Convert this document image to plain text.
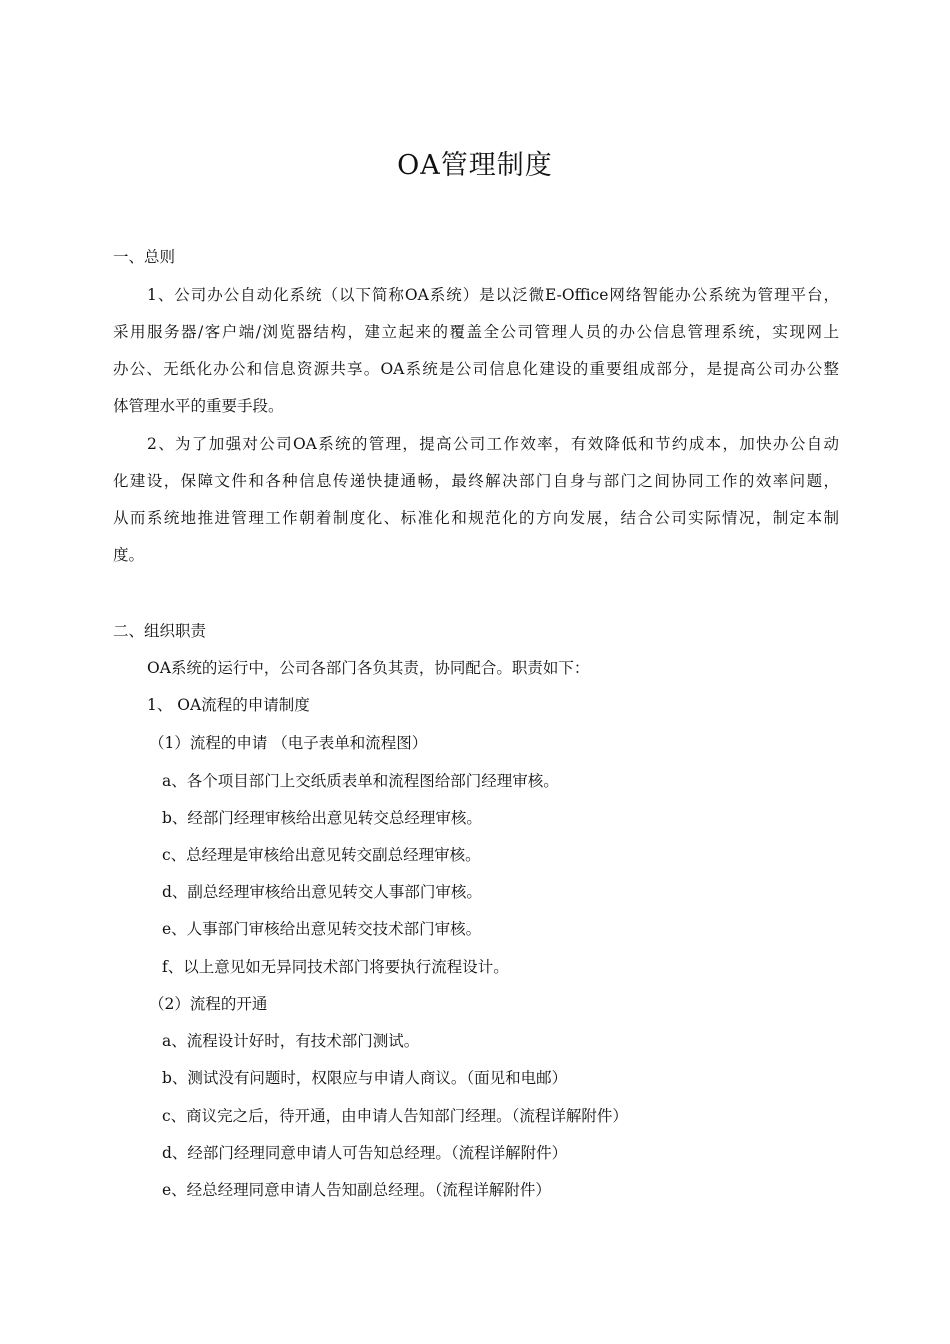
OA管理制度
一、总则
1、公司办公自动化系统（以下简称OA系统）是以泛微E-Office网络智能办公系统为管理平台，
采用服务器/客户端/浏览器结构，建立起来的覆盖全公司管理人员的办公信息管理系统，实现网上
办公、无纸化办公和信息资源共享。OA系统是公司信息化建设的重要组成部分，是提高公司办公整
体管理水平的重要手段。
2、为了加强对公司OA系统的管理，提高公司工作效率，有效降低和节约成本，加快办公自动
化建设，保障文件和各种信息传递快捷通畅，最终解决部门自身与部门之间协同工作的效率问题，
从而系统地推进管理工作朝着制度化、标准化和规范化的方向发展，结合公司实际情况，制定本制
度。
二、组织职责
OA系统的运行中，公司各部门各负其责，协同配合。职责如下：
1、 OA流程的申请制度
（1）流程的申请 （电子表单和流程图）
a、各个项目部门上交纸质表单和流程图给部门经理审核。
b、经部门经理审核给出意见转交总经理审核。
c、总经理是审核给出意见转交副总经理审核。
d、副总经理审核给出意见转交人事部门审核。
e、人事部门审核给出意见转交技术部门审核。
f、以上意见如无异同技术部门将要执行流程设计。
（2）流程的开通
a、流程设计好时，有技术部门测试。
b、测试没有问题时，权限应与申请人商议。（面见和电邮）
c、商议完之后，待开通，由申请人告知部门经理。（流程详解附件）
d、经部门经理同意申请人可告知总经理。（流程详解附件）
e、经总经理同意申请人告知副总经理。（流程详解附件）
